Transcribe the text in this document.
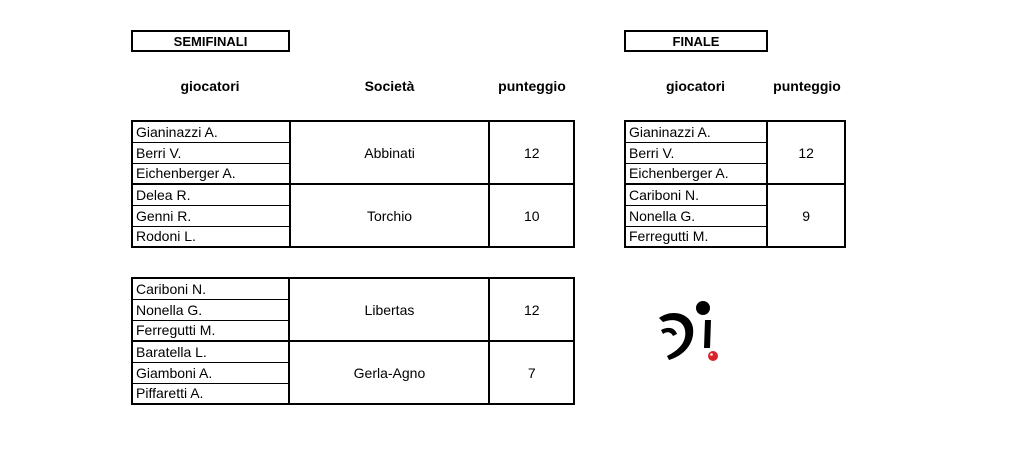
SEMIFINALI	FINALE
giocatori	Società	punteggio	giocatori	punteggio
Gianinazzi A.	Abbinati	12
Berri V.		
Eichenberger A.		
Delea R.	Torchio	10
Genni R.		
Rodoni L.		
Cariboni N.	Libertas	12
Nonella G.		
Ferregutti M.		
Baratella L.	Gerla-Agno	7
Giamboni A.		
Piffaretti A.		
Gianinazzi A.	12
Berri V.	
Eichenberger A.	
Cariboni N.	9
Nonella G.	
Ferregutti M.	
